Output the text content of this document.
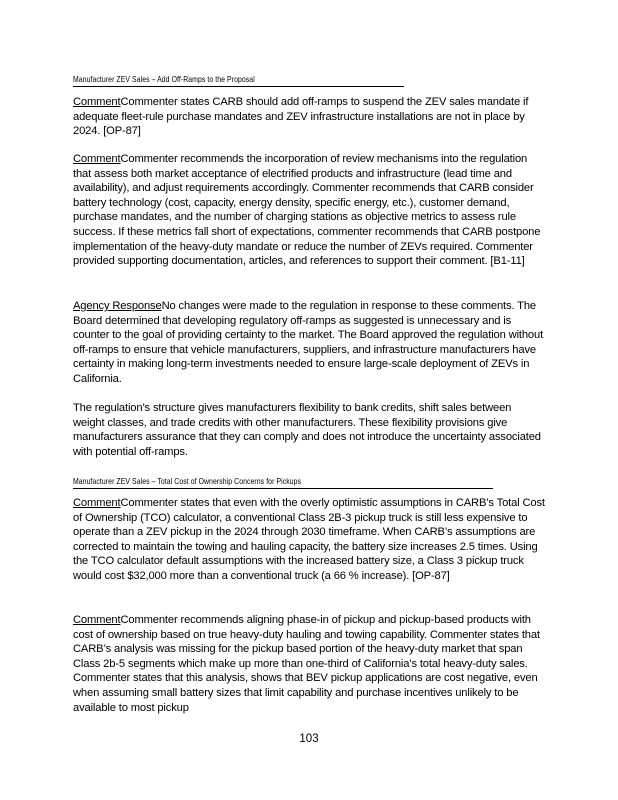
Manufacturer ZEV Sales – Add Off-Ramps to the Proposal

CommentCommenter states CARB should add off-ramps to suspend the ZEV sales mandate if adequate fleet-rule purchase mandates and ZEV infrastructure installations are not in place by 2024. [OP-87]

CommentCommenter recommends the incorporation of review mechanisms into the regulation that assess both market acceptance of electrified products and infrastructure (lead time and availability), and adjust requirements accordingly. Commenter recommends that CARB consider battery technology (cost, capacity, energy density, specific energy, etc.), customer demand, purchase mandates, and the number of charging stations as objective metrics to assess rule success. If these metrics fall short of expectations, commenter recommends that CARB postpone implementation of the heavy-duty mandate or reduce the number of ZEVs required. Commenter provided supporting documentation, articles, and references to support their comment. [B1-11]

Agency ResponseNo changes were made to the regulation in response to these comments. The Board determined that developing regulatory off-ramps as suggested is unnecessary and is counter to the goal of providing certainty to the market. The Board approved the regulation without off-ramps to ensure that vehicle manufacturers, suppliers, and infrastructure manufacturers have certainty in making long-term investments needed to ensure large-scale deployment of ZEVs in California.

The regulation’s structure gives manufacturers flexibility to bank credits, shift sales between weight classes, and trade credits with other manufacturers. These flexibility provisions give manufacturers assurance that they can comply and does not introduce the uncertainty associated with potential off-ramps.

Manufacturer ZEV Sales – Total Cost of Ownership Concerns for Pickups

CommentCommenter states that even with the overly optimistic assumptions in CARB’s Total Cost of Ownership (TCO) calculator, a conventional Class 2B-3 pickup truck is still less expensive to operate than a ZEV pickup in the 2024 through 2030 timeframe. When CARB’s assumptions are corrected to maintain the towing and hauling capacity, the battery size increases 2.5 times. Using the TCO calculator default assumptions with the increased battery size, a Class 3 pickup truck would cost $32,000 more than a conventional truck (a 66 % increase). [OP-87]

CommentCommenter recommends aligning phase-in of pickup and pickup-based products with cost of ownership based on true heavy-duty hauling and towing capability. Commenter states that CARB’s analysis was missing for the pickup based portion of the heavy-duty market that span Class 2b-5 segments which make up more than one-third of California’s total heavy-duty sales. Commenter states that this analysis, shows that BEV pickup applications are cost negative, even when assuming small battery sizes that limit capability and purchase incentives unlikely to be available to most pickup

103
